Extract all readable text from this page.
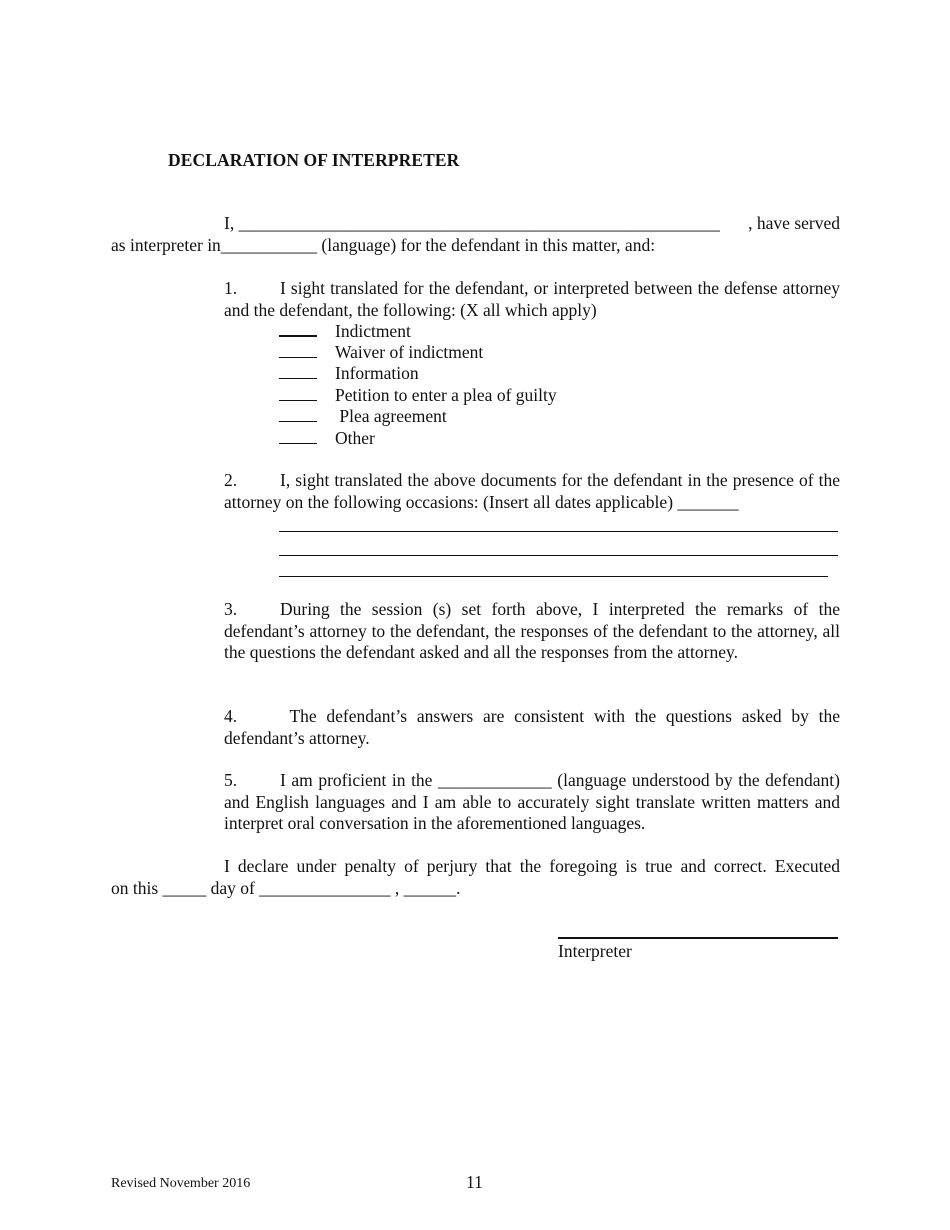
DECLARATION OF INTERPRETER
I, _______________________________________________________ , have served
as interpreter in___________ (language) for the defendant in this matter, and:
1. I sight translated for the defendant, or interpreted between the defense attorney and the defendant, the following: (X all which apply)
Indictment
Waiver of indictment
Information
Petition to enter a plea of guilty
Plea agreement
Other
2. I, sight translated the above documents for the defendant in the presence of the attorney on the following occasions: (Insert all dates applicable) _______
3. During the session (s) set forth above, I interpreted the remarks of the defendant’s attorney to the defendant, the responses of the defendant to the attorney, all the questions the defendant asked and all the responses from the attorney.
4. The defendant’s answers are consistent with the questions asked by the defendant’s attorney.
5. I am proficient in the _____________ (language understood by the defendant) and English languages and I am able to accurately sight translate written matters and interpret oral conversation in the aforementioned languages.
I declare under penalty of perjury that the foregoing is true and correct. Executed
on this _____ day of _______________ , ______.
Interpreter
Revised November 2016	11
